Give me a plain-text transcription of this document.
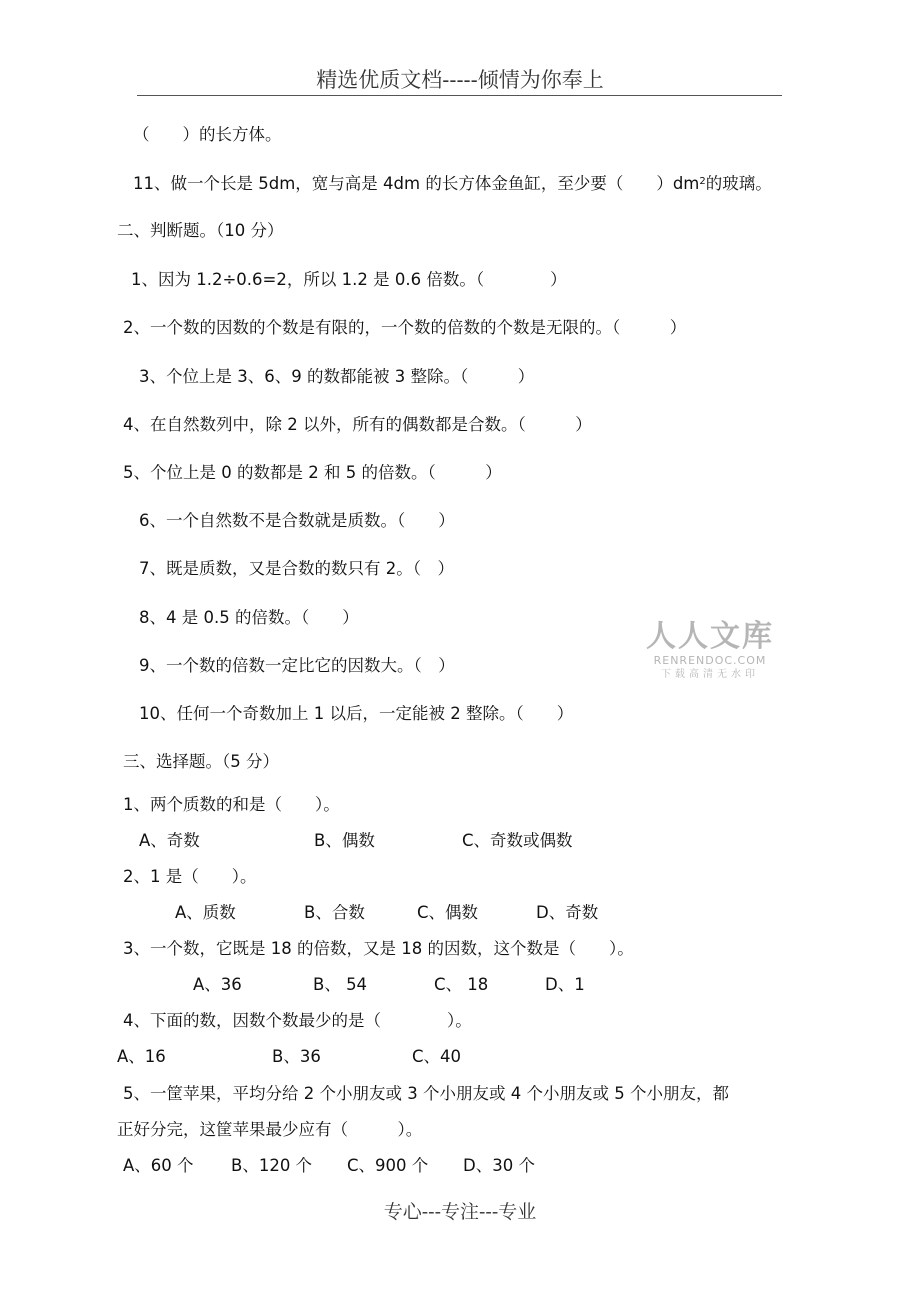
精选优质文档-----倾情为你奉上
（　　）的长方体。
11、做一个长是 5dm，宽与高是 4dm 的长方体金鱼缸，至少要（　　）$dm^2$的玻璃。
二、判断题。（10 分）
1、因为 1.2÷0.6=2，所以 1.2 是 0.6 倍数。（　　　　）
2、一个数的因数的个数是有限的，一个数的倍数的个数是无限的。（　　　）
3、个位上是 3、6、9 的数都能被 3 整除。（　　　）
4、在自然数列中，除 2 以外，所有的偶数都是合数。（　　　）
5、个位上是 0 的数都是 2 和 5 的倍数。（　　　）
6、一个自然数不是合数就是质数。（　　）
7、既是质数，又是合数的数只有 2。（　）
8、4 是 0.5 的倍数。（　　）
9、一个数的倍数一定比它的因数大。（　）
10、任何一个奇数加上 1 以后，一定能被 2 整除。（　　）
人人文库
RENRENDOC.COM
下载高清无水印
三、选择题。（5 分）
1、两个质数的和是（　　）。
A、奇数	B、偶数	C、奇数或偶数
2、1 是（　　）。
A、质数	B、合数	C、偶数	D、奇数
3、一个数，它既是 18 的倍数，又是 18 的因数，这个数是（　　）。
A、36	B、 54	C、 18	D、1
4、下面的数，因数个数最少的是（　　　　）。
A、16	B、36	C、40
5、一筐苹果，平均分给 2 个小朋友或 3 个小朋友或 4 个小朋友或 5 个小朋友，都
正好分完，这筐苹果最少应有（　　　）。
A、60 个 B、120 个 C、900 个 D、30 个
专心---专注---专业
